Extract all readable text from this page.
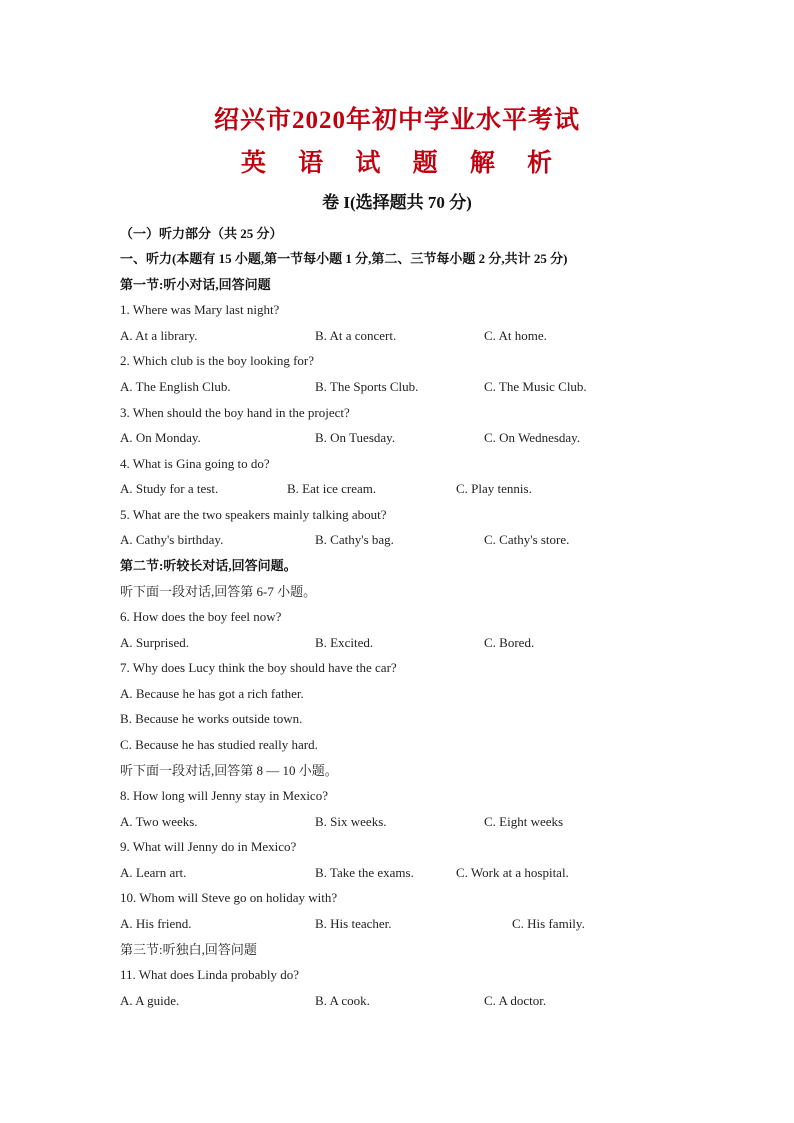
绍兴市2020年初中学业水平考试
英 语 试 题 解 析
卷 I(选择题共 70 分)
（一）听力部分（共 25 分）
一、听力(本题有 15 小题,第一节每小题 1 分,第二、三节每小题 2 分,共计 25 分)
第一节:听小对话,回答问题
1. Where was Mary last night?
A. At a library.	B. At a concert.	C. At home.
2. Which club is the boy looking for?
A. The English Club.	B. The Sports Club.	C. The Music Club.
3. When should the boy hand in the project?
A. On Monday.	B. On Tuesday.	C. On Wednesday.
4. What is Gina going to do?
A. Study for a test.	B. Eat ice cream.	C. Play tennis.
5. What are the two speakers mainly talking about?
A. Cathy's birthday.	B. Cathy's bag.	C. Cathy's store.
第二节:听较长对话,回答问题。
听下面一段对话,回答第 6-7 小题。
6. How does the boy feel now?
A. Surprised.	B. Excited.	C. Bored.
7. Why does Lucy think the boy should have the car?
A. Because he has got a rich father.
B. Because he works outside town.
C. Because he has studied really hard.
听下面一段对话,回答第 8 — 10 小题。
8. How long will Jenny stay in Mexico?
A. Two weeks.	B. Six weeks.	C. Eight weeks
9. What will Jenny do in Mexico?
A. Learn art.	B. Take the exams.	C. Work at a hospital.
10. Whom will Steve go on holiday with?
A. His friend.	B. His teacher.	C. His family.
第三节:听独白,回答问题
11. What does Linda probably do?
A. A guide.	B. A cook.	C. A doctor.
